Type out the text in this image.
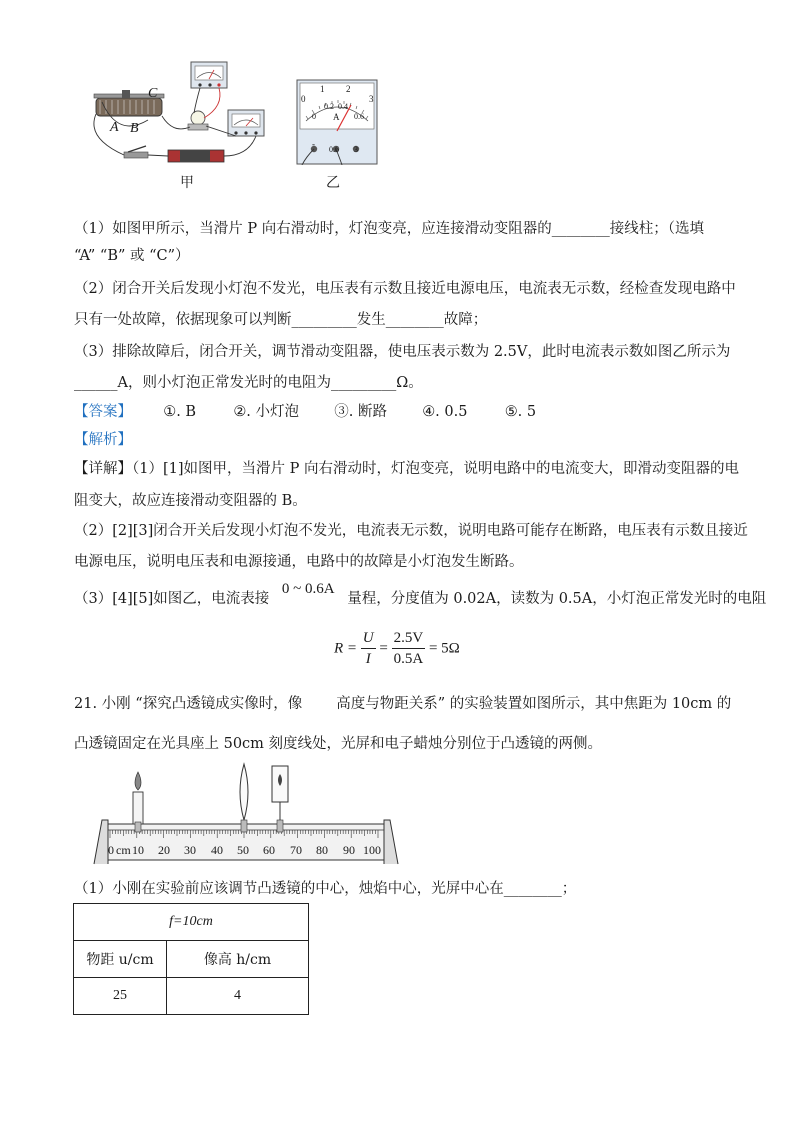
C
A B
甲
0
1 2
3
0
0.2 0.4
0.6
A
-
0.6 3
乙
（1）如图甲所示，当滑片 P 向右滑动时，灯泡变亮，应连接滑动变阻器的________接线柱；（选填
“A” “B” 或 “C”）
（2）闭合开关后发现小灯泡不发光，电压表有示数且接近电源电压，电流表无示数，经检查发现电路中
只有一处故障，依据现象可以判断_________发生________故障；
（3）排除故障后，闭合开关，调节滑动变阻器，使电压表示数为 2.5V，此时电流表示数如图乙所示为
______A，则小灯泡正常发光时的电阻为_________Ω。
【答案】 ①. B	②. 小灯泡 ③. 断路 ④. 0.5	⑤. 5
【解析】
【详解】（1）[1]如图甲，当滑片 P 向右滑动时，灯泡变亮，说明电路中的电流变大，即滑动变阻器的电
阻变大，故应连接滑动变阻器的 B。
（2）[2][3]闭合开关后发现小灯泡不发光，电流表无示数，说明电路可能存在断路，电压表有示数且接近
电源电压，说明电压表和电源接通，电路中的故障是小灯泡发生断路。
（3）[4][5]如图乙，电流表接 0 ~ 0.6A 量程，分度值为 0.02A，读数为 0.5A，小灯泡正常发光时的电阻
$R = \frac{U}{I} = \frac{2.5V}{0.5A} = 5\Omega$
21. 小刚 “探究凸透镜成实像时，像 高度与物距关系” 的实验装置如图所示，其中焦距为 10cm 的
凸透镜固定在光具座上 50cm 刻度线处，光屏和电子蜡烛分别位于凸透镜的两侧。
0 cm 10 20 30 40 50 60 70 80 90 100
（1）小刚在实验前应该调节凸透镜的中心，烛焰中心，光屏中心在________；
f=10cm	
物距 u/cm	像高 h/cm
25	4
